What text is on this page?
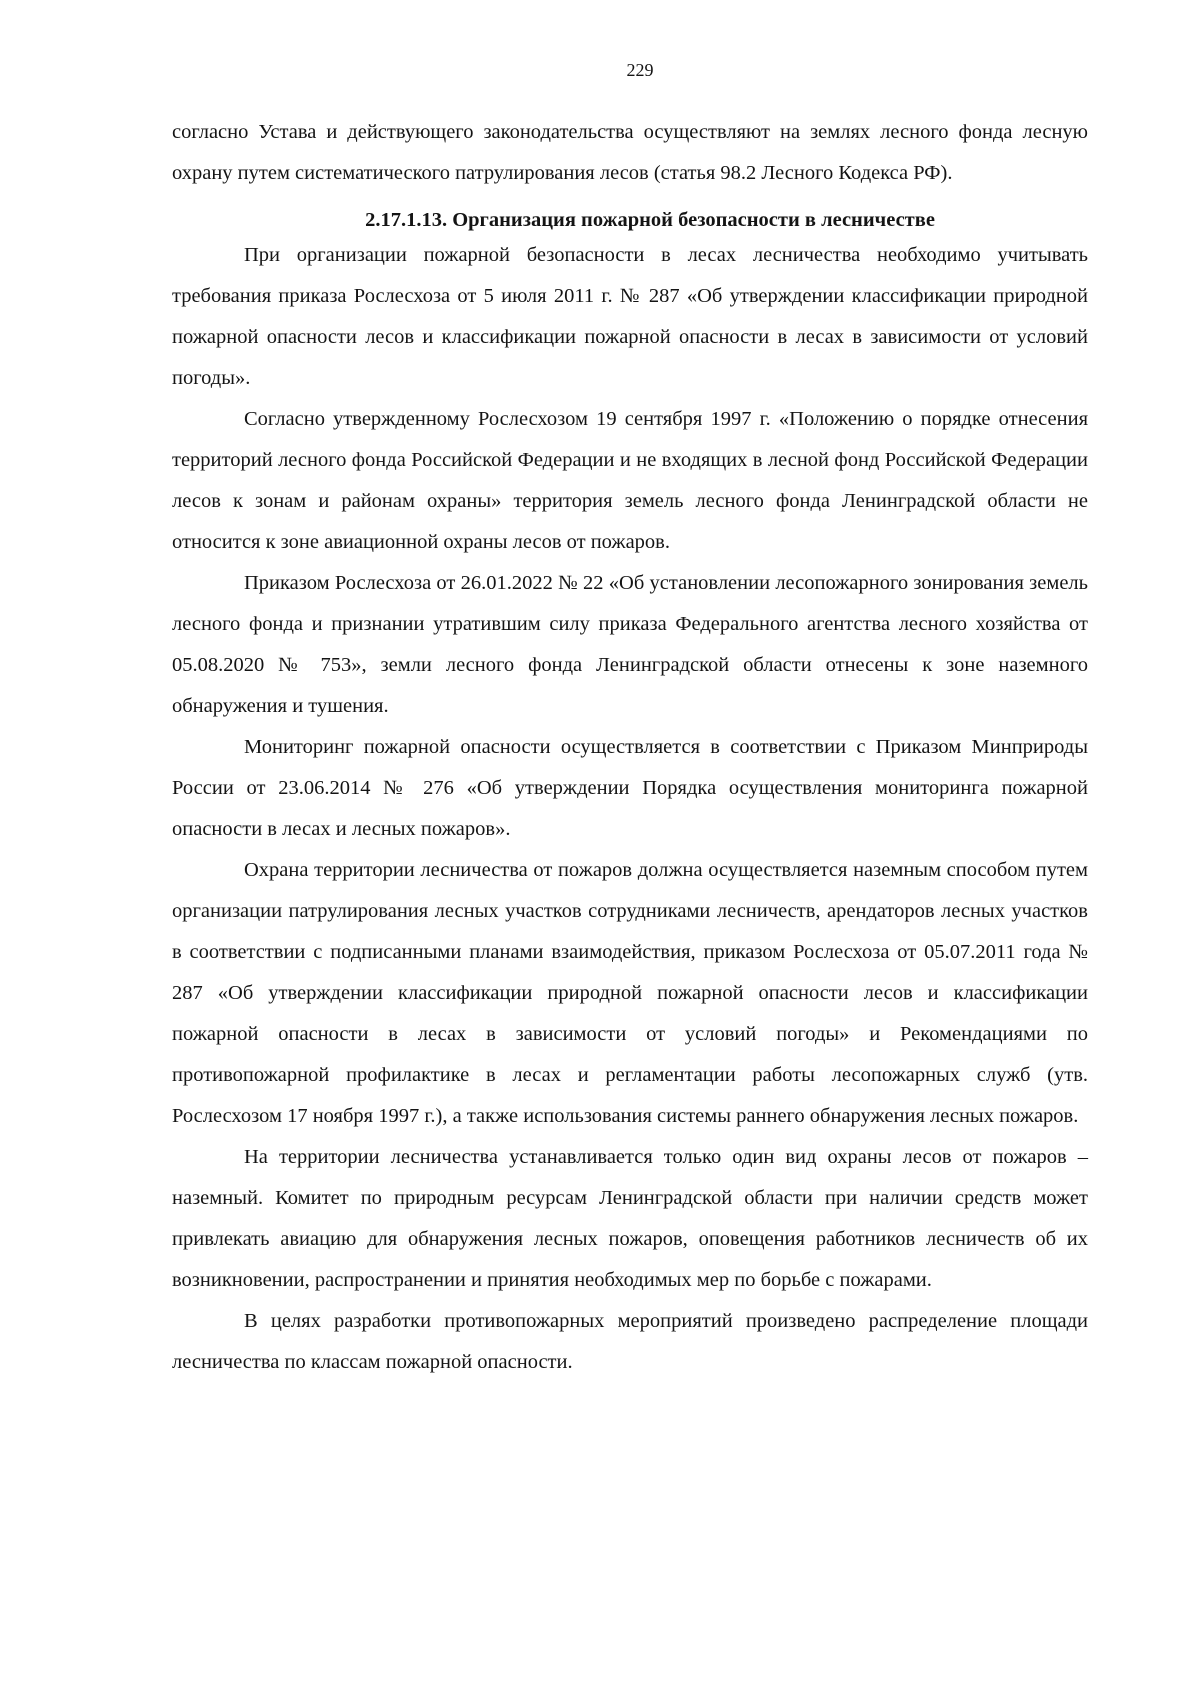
229

согласно Устава и действующего законодательства осуществляют на землях лесного фонда лесную охрану путем систематического патрулирования лесов (статья 98.2 Лесного Кодекса РФ).

2.17.1.13. Организация пожарной безопасности в лесничестве

При организации пожарной безопасности в лесах лесничества необходимо учитывать требования приказа Рослесхоза от 5 июля 2011 г. № 287 «Об утверждении классификации природной пожарной опасности лесов и классификации пожарной опасности в лесах в зависимости от условий погоды».

Согласно утвержденному Рослесхозом 19 сентября 1997 г. «Положению о порядке отнесения территорий лесного фонда Российской Федерации и не входящих в лесной фонд Российской Федерации лесов к зонам и районам охраны» территория земель лесного фонда Ленинградской области не относится к зоне авиационной охраны лесов от пожаров.

Приказом Рослесхоза от 26.01.2022 № 22 «Об установлении лесопожарного зонирования земель лесного фонда и признании утратившим силу приказа Федерального агентства лесного хозяйства от 05.08.2020 № 753», земли лесного фонда Ленинградской области отнесены к зоне наземного обнаружения и тушения.

Мониторинг пожарной опасности осуществляется в соответствии с Приказом Минприроды России от 23.06.2014 № 276 «Об утверждении Порядка осуществления мониторинга пожарной опасности в лесах и лесных пожаров».

Охрана территории лесничества от пожаров должна осуществляется наземным способом путем организации патрулирования лесных участков сотрудниками лесничеств, арендаторов лесных участков в соответствии с подписанными планами взаимодействия, приказом Рослесхоза от 05.07.2011 года № 287 «Об утверждении классификации природной пожарной опасности лесов и классификации пожарной опасности в лесах в зависимости от условий погоды» и Рекомендациями по противопожарной профилактике в лесах и регламентации работы лесопожарных служб (утв. Рослесхозом 17 ноября 1997 г.), а также использования системы раннего обнаружения лесных пожаров.

На территории лесничества устанавливается только один вид охраны лесов от пожаров – наземный. Комитет по природным ресурсам Ленинградской области при наличии средств может привлекать авиацию для обнаружения лесных пожаров, оповещения работников лесничеств об их возникновении, распространении и принятия необходимых мер по борьбе с пожарами.

В целях разработки противопожарных мероприятий произведено распределение площади лесничества по классам пожарной опасности.
